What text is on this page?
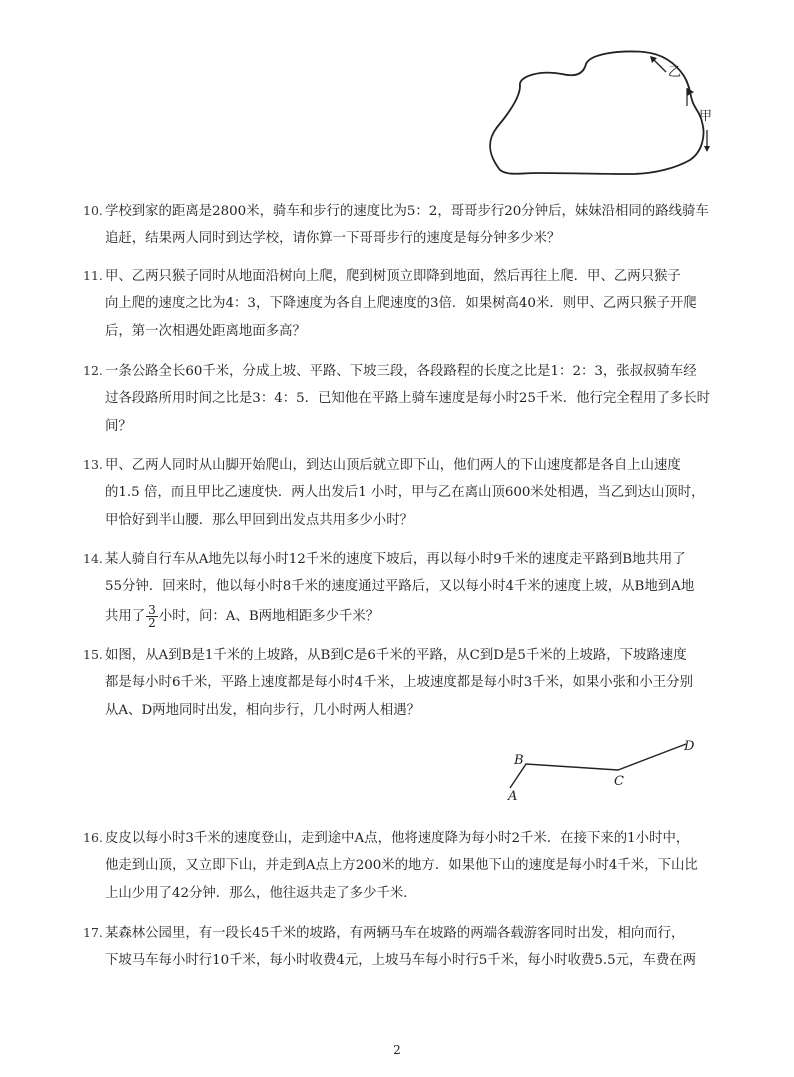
乙
甲
10. 学校到家的距离是2800米，骑车和步行的速度比为5：2，哥哥步行20分钟后，妹妹沿相同的路线骑车
追赶，结果两人同时到达学校，请你算一下哥哥步行的速度是每分钟多少米？
11. 甲、乙两只猴子同时从地面沿树向上爬，爬到树顶立即降到地面，然后再往上爬．甲、乙两只猴子
向上爬的速度之比为4：3，下降速度为各自上爬速度的3倍．如果树高40米．则甲、乙两只猴子开爬
后，第一次相遇处距离地面多高？
12. 一条公路全长60千米，分成上坡、平路、下坡三段，各段路程的长度之比是1：2：3，张叔叔骑车经
过各段路所用时间之比是3：4：5．已知他在平路上骑车速度是每小时25千米．他行完全程用了多长时
间？
13. 甲、乙两人同时从山脚开始爬山，到达山顶后就立即下山，他们两人的下山速度都是各自上山速度
的1.5 倍，而且甲比乙速度快．两人出发后1 小时，甲与乙在离山顶600米处相遇，当乙到达山顶时，
甲恰好到半山腰．那么甲回到出发点共用多少小时？
14. 某人骑自行车从A地先以每小时12千米的速度下坡后，再以每小时9千米的速度走平路到B地共用了
55分钟．回来时，他以每小时8千米的速度通过平路后，又以每小时4千米的速度上坡，从B地到A地
共用了 $\frac{3}{2}$ 小时，问：A、B两地相距多少千米？
15. 如图，从A到B是1千米的上坡路，从B到C是6千米的平路，从C到D是5千米的上坡路，下坡路速度
都是每小时6千米，平路上速度都是每小时4千米，上坡速度都是每小时3千米，如果小张和小王分别
从A、D两地同时出发，相向步行，几小时两人相遇？
A
B
C
D
16. 皮皮以每小时3千米的速度登山，走到途中A点，他将速度降为每小时2千米．在接下来的1小时中，
他走到山顶，又立即下山，并走到A点上方200米的地方．如果他下山的速度是每小时4千米，下山比
上山少用了42分钟．那么，他往返共走了多少千米．
17. 某森林公园里，有一段长45千米的坡路，有两辆马车在坡路的两端各载游客同时出发，相向而行，
下坡马车每小时行10千米，每小时收费4元，上坡马车每小时行5千米，每小时收费5.5元，车费在两
2
